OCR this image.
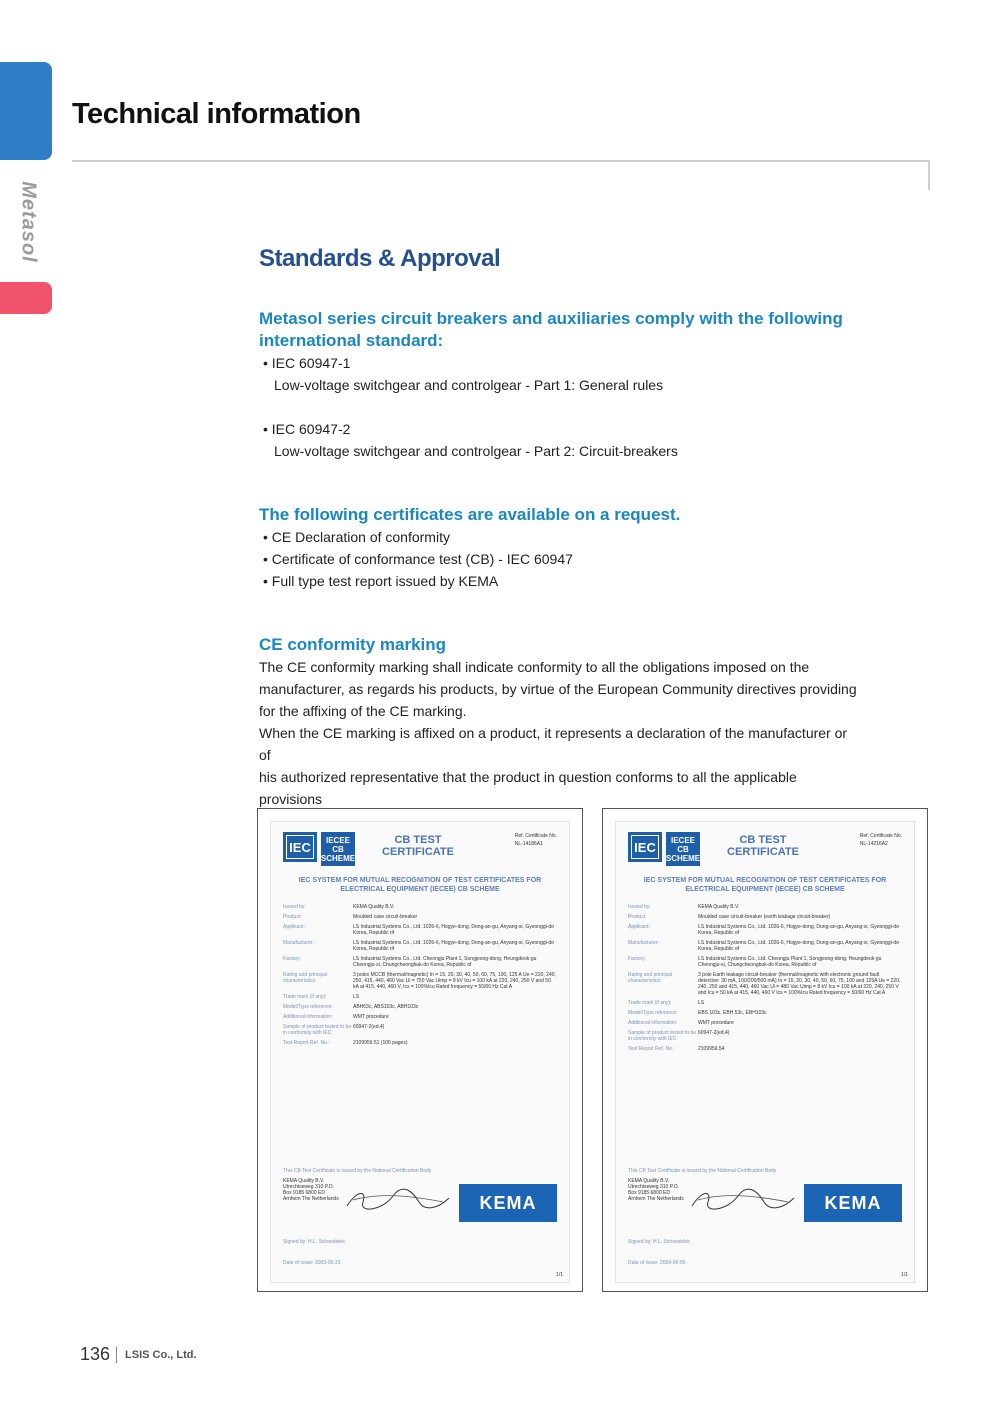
Metasol
Technical information
Standards & Approval
Metasol series circuit breakers and auxiliaries comply with the following
international standard:
• IEC 60947-1
Low-voltage switchgear and controlgear - Part 1: General rules
• IEC 60947-2
Low-voltage switchgear and controlgear - Part 2: Circuit-breakers
The following certificates are available on a request.
• CE Declaration of conformity
• Certificate of conformance test (CB) - IEC 60947
• Full type test report issued by KEMA
CE conformity marking
The CE conformity marking shall indicate conformity to all the obligations imposed on the
manufacturer, as regards his products, by virtue of the European Community directives providing
for the affixing of the CE marking.
When the CE marking is affixed on a product, it represents a declaration of the manufacturer or of
his authorized representative that the product in question conforms to all the applicable provisions
IEC	IECEE CB SCHEME
CB TEST CERTIFICATE
Ref. Certificate No.
NL-14186A1
IEC SYSTEM FOR MUTUAL RECOGNITION OF TEST CERTIFICATES FOR ELECTRICAL EQUIPMENT (IECEE) CB SCHEME
Issued by:	KEMA Quality B.V.
Product:	Moulded case circuit-breaker
Applicant:	LS Industrial Systems Co., Ltd. 1026-6, Hogye-dong, Dong-an-gu, Anyang-si, Gyeonggi-do Korea, Republic of
Manufacturer:	LS Industrial Systems Co., Ltd. 1026-6, Hogye-dong, Dong-an-gu, Anyang-si, Gyeonggi-do Korea, Republic of
Factory:	LS Industrial Systems Co., Ltd. Cheongju Plant 1, Songjeong-dong, Heungdeok-gu Cheongju-si, Chungcheongbuk-do Korea, Republic of
Rating and principal characteristics:
3 poles MCCB (thermal/magnetic) In = 15, 20, 30, 40, 50, 60, 75, 100, 125 A Ue = 220, 240, 250, 415, 440, 460 Vac Ui = 750 Vac Uimp = 8 kV Icu = 100 kA at 220, 240, 250 V and 50 kA at 415, 440, 460 V, Ics = 100%Icu Rated frequency = 50/60 Hz Cat A
Trade mark (if any):	LS
Model/Type reference:	ABH63c, ABS103c, ABH103c
Additional information:	WMT procedure
Sample of product tested to be in conformity with IEC:
60947-2(ed.4)
Test Report Ref. No.:	2109959.51 (106 pages)
This CB Test Certificate is issued by the National Certification Body
KEMA Quality B.V. Utrechtseweg 310 P.O. Box 9185 6800 ED Arnhem The Netherlands	KEMA
Signed by: H.L. Scheedstek
Date of issue: 2009-05-21
1/1
IEC	IECEE CB SCHEME
CB TEST CERTIFICATE
Ref. Certificate No.
NL-14216A2
IEC SYSTEM FOR MUTUAL RECOGNITION OF TEST CERTIFICATES FOR ELECTRICAL EQUIPMENT (IECEE) CB SCHEME
Issued by:	KEMA Quality B.V.
Product:	Moulded case circuit-breaker (earth leakage circuit-breaker)
Applicant:	LS Industrial Systems Co., Ltd. 1026-6, Hogye-dong, Dong-an-gu, Anyang-si, Gyeonggi-do Korea, Republic of
Manufacturer:	LS Industrial Systems Co., Ltd. 1026-6, Hogye-dong, Dong-an-gu, Anyang-si, Gyeonggi-do Korea, Republic of
Factory:	LS Industrial Systems Co., Ltd. Cheongju Plant 1, Songjeong-dong, Heungdeok-gu Cheongju-si, Chungcheongbuk-do Korea, Republic of
Rating and principal characteristics:
3 pole Earth leakage circuit-breaker (thermal/magnetic with electronic ground fault detection: 30 mA, 100/200/500 mA) In = 15, 20, 30, 40, 50, 60, 75, 100 and 125A Ue = 220, 240, 250 and 415, 440, 460 Vac Ui = 480 Vac Uimp = 8 kV Icu = 100 kA at 220, 240, 250 V and Icu = 50 kA at 415, 440, 460 V Ics = 100%Icu Rated frequency = 50/60 Hz Cat A
Trade mark (if any):	LS
Model/Type reference:	EBS 103c, EBH 53c, EBH103c
Additional information:	WMT procedure
Sample of product tested to be in conformity with IEC:
60947-2(ed.4)
Test Report Ref. No.:	2109959.54
This CB Test Certificate is issued by the National Certification Body
KEMA Quality B.V. Utrechtseweg 310 P.O. Box 9185 6800 ED Arnhem The Netherlands	KEMA
Signed by: H.L. Scheedstek
Date of issue: 2009-06-05
1/1
136 LSIS Co., Ltd.
